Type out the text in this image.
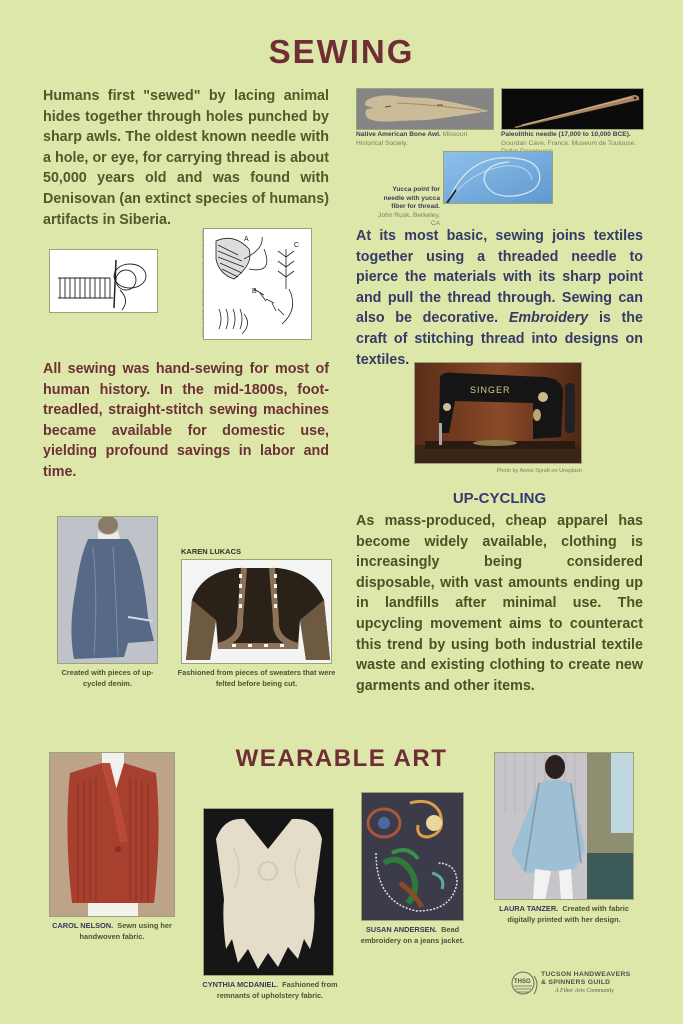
SEWING

Humans first "sewed" by lacing animal hides together through holes punched by sharp awls. The oldest known needle with a hole, or eye, for carrying thread is about 50,000 years old and was found with Denisovan (an extinct species of humans) artifacts in Siberia.

Native American Bone Awl. Missouri Historical Society.
Paleolithic needle (17,000 to 10,000 BCE). Gourdan Cave, France. Museum de Toulouse.
Yucca point for needle with yucca fiber for thread.
John Rusk, Berkeley, CA
A
B
C

At its most basic, sewing joins textiles together using a threaded needle to pierce the materials with its sharp point and pull the thread through. Sewing can also be decorative. Embroidery is the craft of stitching thread into designs on textiles.

All sewing was hand-sewing for most of human history. In the mid-1800s, foot-treadled, straight-stitch sewing machines became available for domestic use, yielding profound savings in labor and time.

SINGER
Photo by Annie Spratt on Unsplash
UP-CYCLING

As mass-produced, cheap apparel has become widely available, clothing is increasingly being considered disposable, with vast amounts ending up in landfills after minimal use. The upcycling movement aims to counteract this trend by using both industrial textile waste and existing clothing to create new garments and other items.

Created with pieces of up-cycled denim.
KAREN LUKACS
Fashioned from pieces of sweaters that were felted before being cut.
WEARABLE ART
CAROL NELSON. Sewn using her handwoven fabric.
CYNTHIA MCDANIEL. Fashioned from remnants of upholstery fabric.
SUSAN ANDERSEN. Bead embroidery on a jeans jacket.
LAURA TANZER. Created with fabric digitally printed with her design.
THSG
TUCSON HANDWEAVERS
& SPINNERS GUILD
A Fiber Arts Community
